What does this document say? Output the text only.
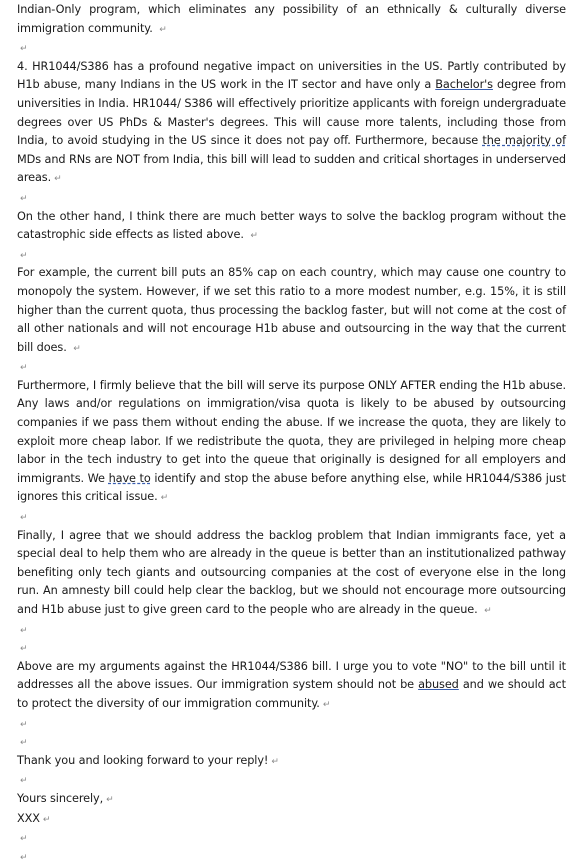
Indian-Only program, which eliminates any possibility of an ethnically & culturally diverse immigration community. ↵

↵

4. HR1044/S386 has a profound negative impact on universities in the US. Partly contributed by H1b abuse, many Indians in the US work in the IT sector and have only a Bachelor's degree from universities in India. HR1044/ S386 will effectively prioritize applicants with foreign undergraduate degrees over US PhDs & Master's degrees. This will cause more talents, including those from India, to avoid studying in the US since it does not pay off. Furthermore, because the majority of MDs and RNs are NOT from India, this bill will lead to sudden and critical shortages in underserved areas. ↵

↵

On the other hand, I think there are much better ways to solve the backlog program without the catastrophic side effects as listed above. ↵

↵

For example, the current bill puts an 85% cap on each country, which may cause one country to monopoly the system. However, if we set this ratio to a more modest number, e.g. 15%, it is still higher than the current quota, thus processing the backlog faster, but will not come at the cost of all other nationals and will not encourage H1b abuse and outsourcing in the way that the current bill does. ↵

↵

Furthermore, I firmly believe that the bill will serve its purpose ONLY AFTER ending the H1b abuse. Any laws and/or regulations on immigration/visa quota is likely to be abused by outsourcing companies if we pass them without ending the abuse. If we increase the quota, they are likely to exploit more cheap labor. If we redistribute the quota, they are privileged in helping more cheap labor in the tech industry to get into the queue that originally is designed for all employers and immigrants. We have to identify and stop the abuse before anything else, while HR1044/S386 just ignores this critical issue. ↵

↵

Finally, I agree that we should address the backlog problem that Indian immigrants face, yet a special deal to help them who are already in the queue is better than an institutionalized pathway benefiting only tech giants and outsourcing companies at the cost of everyone else in the long run. An amnesty bill could help clear the backlog, but we should not encourage more outsourcing and H1b abuse just to give green card to the people who are already in the queue. ↵

↵

↵

Above are my arguments against the HR1044/S386 bill. I urge you to vote "NO" to the bill until it addresses all the above issues. Our immigration system should not be abused and we should act to protect the diversity of our immigration community. ↵

↵

↵

Thank you and looking forward to your reply! ↵

↵

Yours sincerely, ↵

XXX ↵

↵

↵
